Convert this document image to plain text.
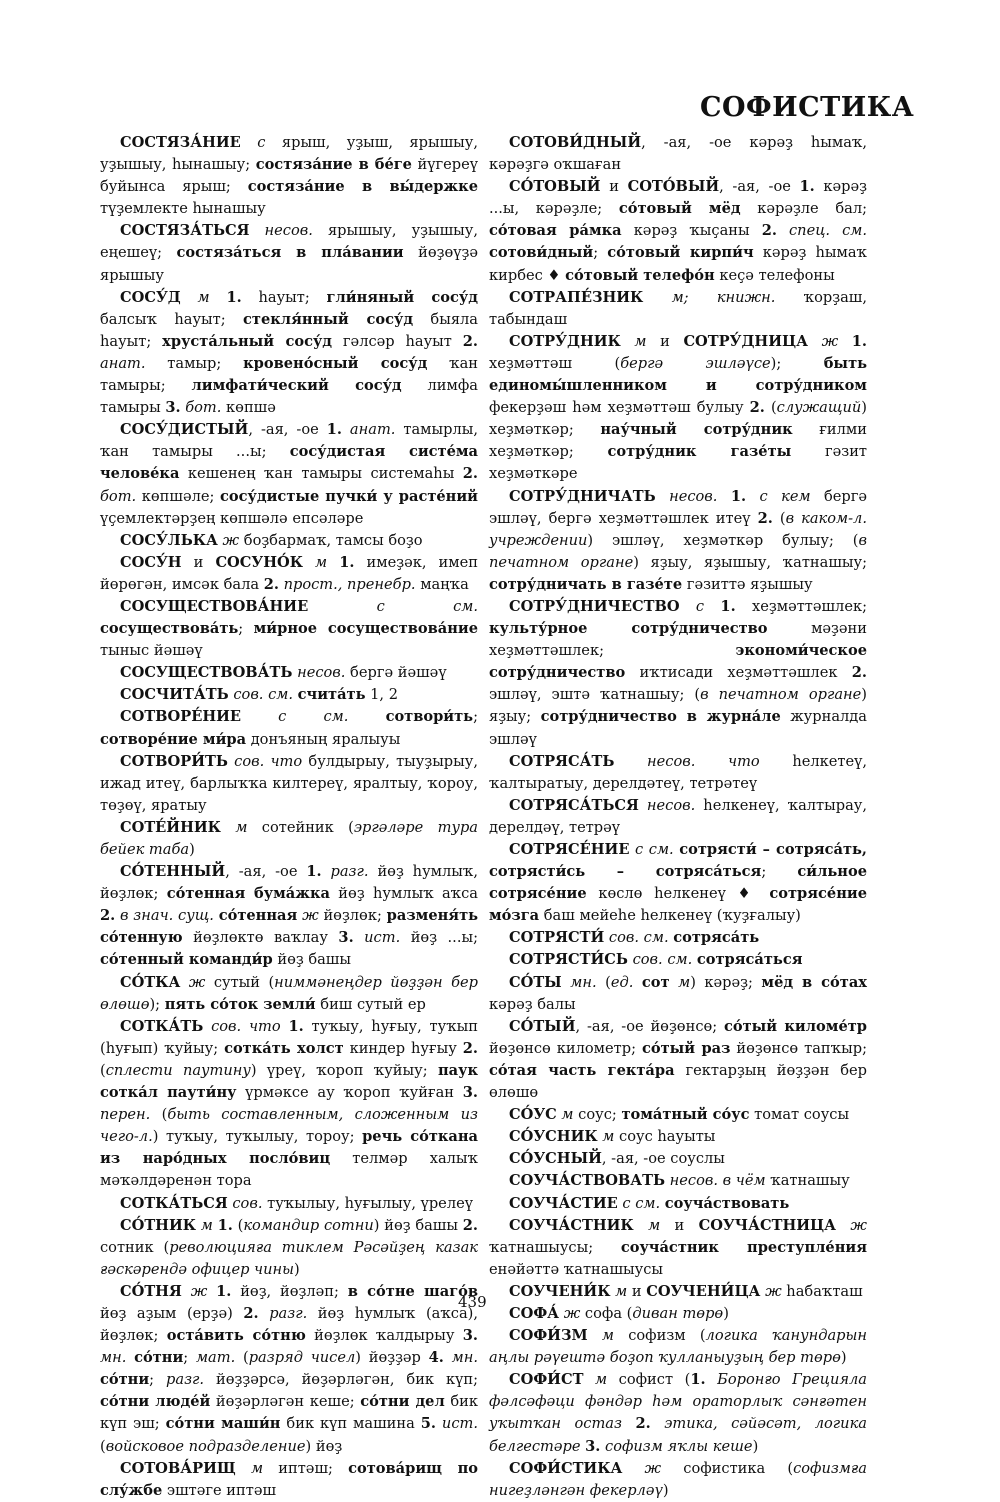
СОФИСТИКА

СОСТЯЗА́НИЕ с ярыш, уҙыш, ярышыу, уҙышыу, һынашыу; состяза́ние в бе́ге йүгереү буйынса ярыш; состяза́ние в вы́держке түҙемлекте һынашыу

СОСТЯЗА́ТЬСЯ несов. ярышыу, уҙышыу, еңешеү; состяза́ться в пла́вании йөҙөүҙә ярышыу

СОСУ́Д м 1. һауыт; гли́няный сосу́д балсыҡ һауыт; стекля́нный сосу́д быяла һауыт; хруста́льный сосу́д гәлсәр һауыт 2. анат. тамыр; кровено́сный сосу́д ҡан тамыры; лимфати́ческий сосу́д лимфа тамыры 3. бот. көпшә

СОСУ́ДИСТЫЙ, -ая, -ое 1. анат. тамырлы, ҡан тамыры ...ы; сосу́дистая систе́ма челове́ка кешенең ҡан тамыры системаһы 2. бот. көпшәле; сосу́дистые пучки́ у расте́ний үҫемлектәрҙең көпшәлә епсәләре

СОСУ́ЛЬКА ж боҙбармаҡ, тамсы боҙо

СОСУ́Н и СОСУНО́К м 1. имеҙәк, имеп йөрөгән, имсәк бала 2. прост., пренебр. маңҡа

СОСУЩЕСТВОВА́НИЕ с см. сосуществова́ть; ми́рное сосуществова́ние тыныс йәшәү

СОСУЩЕСТВОВА́ТЬ несов. бергә йәшәү

СОСЧИТА́ТЬ сов. см. счита́ть 1, 2

СОТВОРЕ́НИЕ с см.	сотвори́ть; сотворе́ние ми́ра донъяның яралыуы

СОТВОРИ́ТЬ сов. что булдырыу, тыуҙырыу, ижад итеү, барлыҡҡа килтереү, яралтыу, ҡороу, төҙөү, яратыу

СОТЕ́ЙНИК м сотейник (эргәләре тура бейек таба)

СО́ТЕННЫЙ, -ая, -ое 1. разг. йөҙ һумлыҡ, йөҙлөк; со́тенная бума́жка йөҙ һумлыҡ аҡса 2. в знач. сущ. со́тенная ж йөҙлөк; разменя́ть со́тенную йөҙлөктө ваҡлау 3. ист. йөҙ ...ы; со́тенный команди́р йөҙ башы

СО́ТКА ж сутый (ниммәнеңдер йөҙҙән бер өлөшө); пять со́ток земли́ биш сутый ер

СОТКА́ТЬ сов. что 1. туҡыу, һуғыу, туҡып (һуғып) ҡуйыу; сотка́ть холст киндер һуғыу 2. (сплести паутину) үреү, ҡороп ҡуйыу; паук сотка́л паути́ну үрмәксе ау ҡороп ҡуйған 3. перен. (быть составленным, сложенным из чего-л.) туҡыу, туҡылыу, тороу; речь со́ткана из наро́дных посло́виц телмәр халыҡ мәҡәлдәренән тора

СОТКА́ТЬСЯ сов. туҡылыу, һуғылыу, үрелеү

СО́ТНИК м 1. (командир сотни) йөҙ башы 2. сотник (революцияға тиклем Рәсәйҙең казак ғәскәрендә офицер чины)

СО́ТНЯ ж 1. йөҙ, йөҙләп; в со́тне шаго́в йөҙ аҙым (ерҙә) 2. разг. йөҙ һумлыҡ (аҡса), йөҙлөк; оста́вить со́тню йөҙлөк ҡалдырыу 3. мн. со́тни; мат. (разряд чисел) йөҙҙәр 4. мн. со́тни; разг. йөҙҙәрсә, йөҙәрләгән, бик күп; со́тни люде́й йөҙәрләгән кеше; со́тни дел бик күп эш; со́тни маши́н бик күп машина 5. ист. (войсковое подразделение) йөҙ

СОТОВА́РИЩ м иптәш; сотова́рищ по слу́жбе эштәге иптәш

СОТОВИ́ДНЫЙ, -ая, -ое кәрәҙ һымаҡ, кәрәҙгә оҡшаған

СО́ТОВЫЙ и СОТО́ВЫЙ, -ая, -ое 1. кәрәҙ ...ы, кәрәҙле; со́товый мёд кәрәҙле бал; со́товая ра́мка кәрәҙ ҡыҫаны 2. спец. см. сотови́дный; со́товый кирпи́ч кәрәҙ һымаҡ кирбес ♦ со́товый телефо́н кеҫә телефоны

СОТРАПЕ́ЗНИК м; книжн. ҡорҙаш, табындаш

СОТРУ́ДНИК м и СОТРУ́ДНИЦА ж 1. хеҙмәттәш (бергә эшләүсе); быть единомы́шленником и сотру́дником фекерҙәш һәм хеҙмәттәш булыу 2. (служащий) хеҙмәткәр; нау́чный сотру́дник ғилми хеҙмәткәр; сотру́дник газе́ты гәзит хеҙмәткәре

СОТРУ́ДНИЧАТЬ несов. 1. с кем бергә эшләү, бергә хеҙмәттәшлек итеү 2. (в каком-л. учреждении) эшләү, хеҙмәткәр булыу; (в печатном органе) яҙыу, яҙышыу, ҡатнашыу; сотру́дничать в газе́те гәзиттә яҙышыу

СОТРУ́ДНИЧЕСТВО с 1. хеҙмәттәшлек; культу́рное сотру́дничество мәҙәни хеҙмәттәшлек; экономи́ческое сотру́дничество иҡтисади хеҙмәттәшлек 2. эшләү, эштә ҡатнашыу; (в печатном органе) яҙыу; сотру́дничество в журна́ле журналда эшләү

СОТРЯСА́ТЬ несов. что һелкетеү, ҡалтыратыу, дерелдәтеү, тетрәтеү

СОТРЯСА́ТЬСЯ несов. һелкенеү, ҡалтырау, дерелдәү, тетрәү

СОТРЯСЕ́НИЕ с см. сотрясти́ – сотряса́ть, сотрясти́сь – сотряса́ться; си́льное сотрясе́ние көслө һелкенеү ♦ сотрясе́ние мо́зга баш мейеһе һелкенеү (ҡуҙғалыу)

СОТРЯСТИ́ сов. см. сотряса́ть

СОТРЯСТИ́СЬ сов. см. сотряса́ться

СО́ТЫ мн. (ед. сот м) кәрәҙ; мёд в со́тах кәрәҙ балы

СО́ТЫЙ, -ая, -ое йөҙөнсө; со́тый киломе́тр йөҙөнсө километр; со́тый раз йөҙөнсө тапҡыр; со́тая часть гекта́ра гектарҙың йөҙҙән бер өлөшө

СО́УС м соус; тома́тный со́ус томат соусы

СО́УСНИК м соус һауыты

СО́УСНЫЙ, -ая, -ое соуслы

СОУЧА́СТВОВАТЬ несов. в чём ҡатнашыу

СОУЧА́СТИЕ с см. соуча́ствовать

СОУЧА́СТНИК м и СОУЧА́СТНИЦА ж ҡатнашыусы; соуча́стник преступле́ния енәйәттә ҡатнашыусы

СОУЧЕНИ́К м и СОУЧЕНИ́ЦА ж һабаҡташ

СОФА́ ж софа (диван төрө)

СОФИ́ЗМ м софизм (логика ҡанундарын аңлы рәүештә боҙоп ҡулланыуҙың бер төрө)

СОФИ́СТ м софист (1. Боронғо Грецияла фәлсәфәци фәндәр һәм ораторлыҡ сәнғәтен уҡытҡан остаз 2. этика, сәйәсәт, логика белгестәре 3. софизм яҡлы кеше)

СОФИ́СТИКА ж софистика (софизмға нигеҙләнгән фекерләү)

439
